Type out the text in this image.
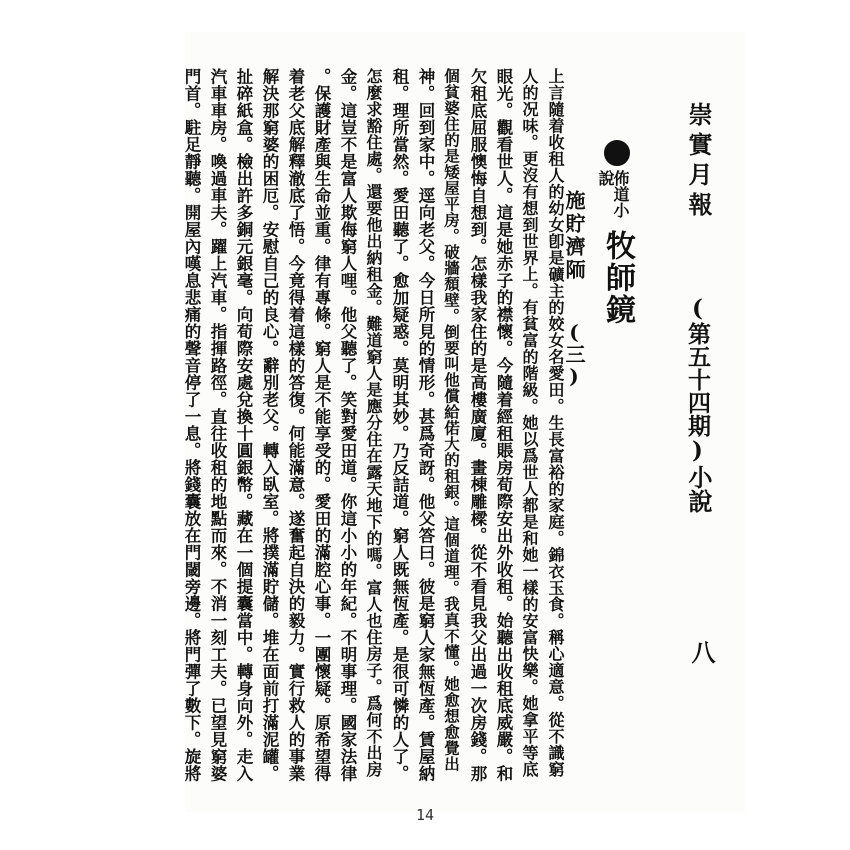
崇實月報
(第五十四期)
小說
八
佈道小說
牧師鏡
施貯濟陑
(三)
上言隨着收租人的幼女卽是礦主的姣女名愛田。生長富裕的家庭。錦衣玉食。稱心適意。從不識窮
人的况味。更沒有想到世界上。有貧富的階級。她以爲世人都是和她一樣的安富快樂。她拿平等底
眼光。觀看世人。這是她赤子的襟懷。今隨着經租賬房荀際安出外收租。始聽出收租底威嚴。和
欠租底屈服懊悔自想到。怎樣我家住的是高樓廣廈。畫棟雕樑。從不看見我父出過一次房錢。那
個貧婆住的是矮屋平房。破牆頹壁。倒要叫他償給偌大的租銀。這個道理。我真不懂。她愈想愈覺出
神。回到家中。逕向老父。今日所見的情形。甚爲奇訝。他父答曰。彼是窮人家無恆產。賃屋納
租。理所當然。愛田聽了。愈加疑惑。莫明其妙。乃反詰道。窮人既無恆產。是很可憐的人了。
怎麼求豁住處。還要他出納租金。難道窮人是應分住在露天地下的嗎。富人也住房子。爲何不出房
金。這豈不是富人欺侮窮人哩。他父聽了。笑對愛田道。你這小小的年紀。不明事理。國家法律
。保護財產與生命並重。律有專條。窮人是不能享受的。愛田的滿腔心事。一團懷疑。原希望得
着老父底解釋澈底了悟。今竟得着這樣的答復。何能滿意。遂奮起自決的毅力。實行救人的事業
解決那窮婆的困厄。安慰自己的良心。辭別老父。轉入臥室。將撲滿貯儲。堆在面前打滿泥罐。
扯碎紙盒。檢出許多銅元銀毫。向荀際安處兌換十圓銀幣。藏在一個提囊當中。轉身向外。走入
汽車車房。喚過車夫。躍上汽車。指揮路徑。直往收租的地點而來。不消一刻工夫。已望見窮婆
門首。駐足靜聽。開屋內嘆息悲痛的聲音停了一息。將錢囊放在門閾旁邊。將門彈了數下。旋將
14
